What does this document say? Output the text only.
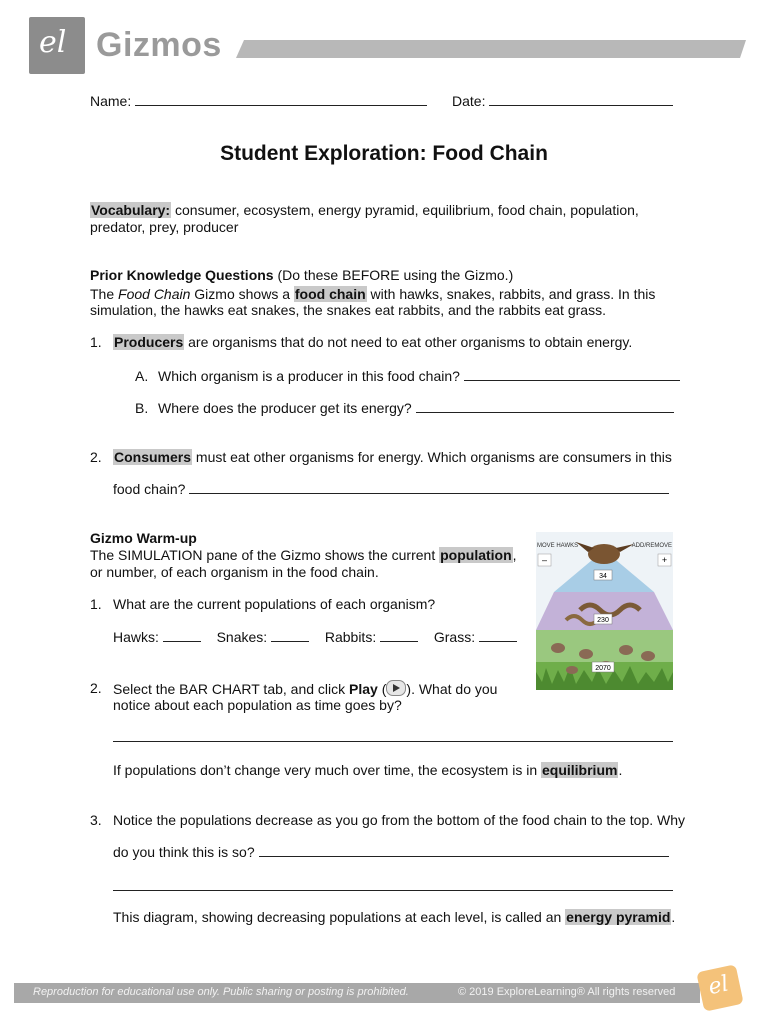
el Gizmos
Name:	Date:
Student Exploration: Food Chain
Vocabulary: consumer, ecosystem, energy pyramid, equilibrium, food chain, population,
predator, prey, producer
Prior Knowledge Questions (Do these BEFORE using the Gizmo.)
The Food Chain Gizmo shows a food chain with hawks, snakes, rabbits, and grass. In this
simulation, the hawks eat snakes, the snakes eat rabbits, and the rabbits eat grass.
1. Producers are organisms that do not need to eat other organisms to obtain energy.
A. Which organism is a producer in this food chain?
B. Where does the producer get its energy?
2. Consumers must eat other organisms for energy. Which organisms are consumers in this
food chain?
Gizmo Warm-up
The SIMULATION pane of the Gizmo shows the current population,
or number, of each organism in the food chain.
1. What are the current populations of each organism?
Hawks:	Snakes:	Rabbits:	Grass:
2. Select the BAR CHART tab, and click Play ( ). What do you
notice about each population as time goes by?
If populations don’t change very much over time, the ecosystem is in equilibrium.
3. Notice the populations decrease as you go from the bottom of the food chain to the top. Why
do you think this is so?
This diagram, showing decreasing populations at each level, is called an energy pyramid.
34
230
2070
MOVE HAWKS	ADD/REMOVE
–	+
Reproduction for educational use only. Public sharing or posting is prohibited.	© 2019 ExploreLearning® All rights reserved el
